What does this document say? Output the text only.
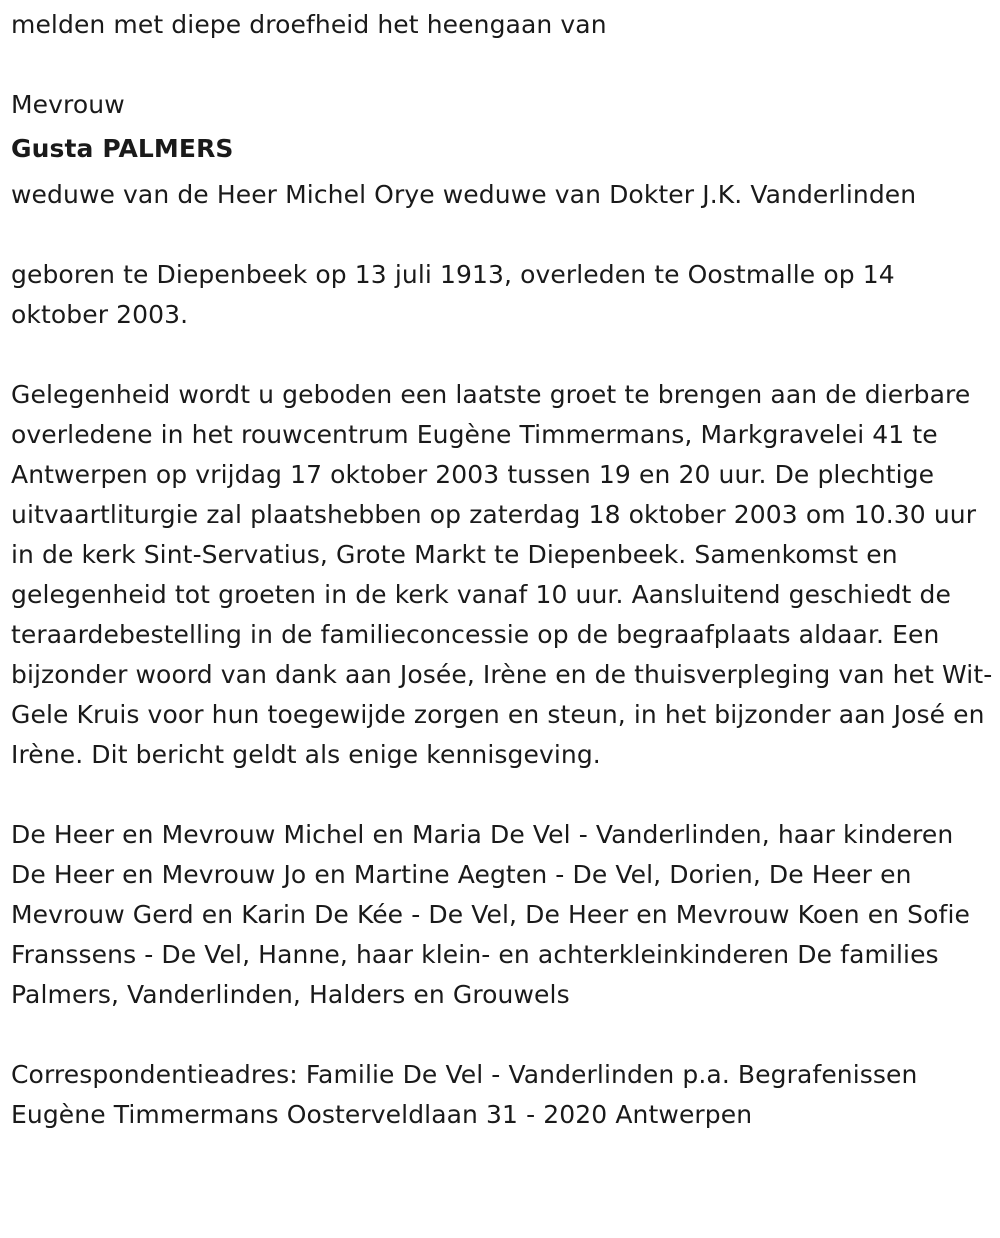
melden met diepe droefheid het heengaan van

Mevrouw

Gusta PALMERS

weduwe van de Heer Michel Orye weduwe van Dokter J.K. Vanderlinden

geboren te Diepenbeek op 13 juli 1913, overleden te Oostmalle op 14 oktober 2003.

Gelegenheid wordt u geboden een laatste groet te brengen aan de dierbare overledene in het rouwcentrum Eugène Timmermans, Markgravelei 41 te Antwerpen op vrijdag 17 oktober 2003 tussen 19 en 20 uur. De plechtige uitvaartliturgie zal plaatshebben op zaterdag 18 oktober 2003 om 10.30 uur in de kerk Sint-Servatius, Grote Markt te Diepenbeek. Samenkomst en gelegenheid tot groeten in de kerk vanaf 10 uur. Aansluitend geschiedt de teraardebestelling in de familieconcessie op de begraafplaats aldaar. Een bijzonder woord van dank aan Josée, Irène en de thuisverpleging van het Wit-Gele Kruis voor hun toegewijde zorgen en steun, in het bijzonder aan José en Irène. Dit bericht geldt als enige kennisgeving.

De Heer en Mevrouw Michel en Maria De Vel - Vanderlinden, haar kinderen De Heer en Mevrouw Jo en Martine Aegten - De Vel, Dorien, De Heer en Mevrouw Gerd en Karin De Kée - De Vel, De Heer en Mevrouw Koen en Sofie Franssens - De Vel, Hanne, haar klein- en achterkleinkinderen De families Palmers, Vanderlinden, Halders en Grouwels

Correspondentieadres: Familie De Vel - Vanderlinden p.a. Begrafenissen Eugène Timmermans Oosterveldlaan 31 - 2020 Antwerpen
